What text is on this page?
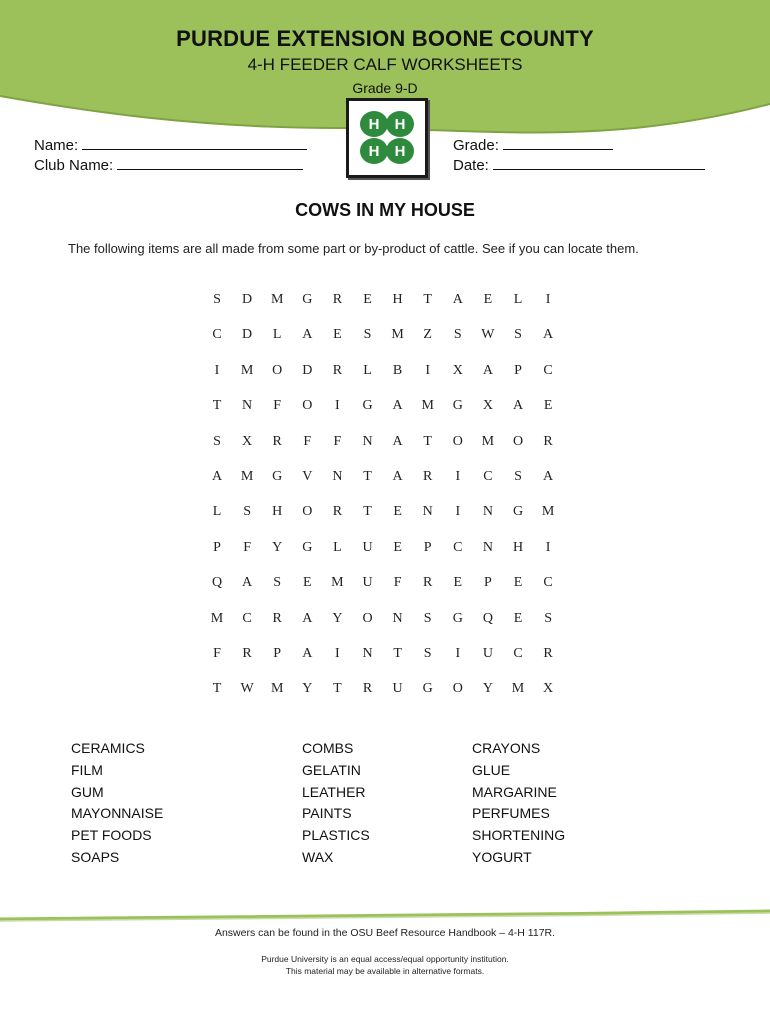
PURDUE EXTENSION BOONE COUNTY
4-H FEEDER CALF WORKSHEETS
Grade 9-D
H H
H H
Name:
Club Name:
Grade:
Date:
COWS IN MY HOUSE
The following items are all made from some part or by-product of cattle. See if you can locate them.
S	D	M	G	R	E	H	T	A	E	L	I
C	D	L	A	E	S	M	Z	S	W	S	A
I	M	O	D	R	L	B	I	X	A	P	C
T	N	F	O	I	G	A	M	G	X	A	E
S	X	R	F	F	N	A	T	O	M	O	R
A	M	G	V	N	T	A	R	I	C	S	A
L	S	H	O	R	T	E	N	I	N	G	M
P	F	Y	G	L	U	E	P	C	N	H	I
Q	A	S	E	M	U	F	R	E	P	E	C
M	C	R	A	Y	O	N	S	G	Q	E	S
F	R	P	A	I	N	T	S	I	U	C	R
T	W	M	Y	T	R	U	G	O	Y	M	X
CERAMICS
FILM
GUM
MAYONNAISE
PET FOODS
SOAPS
COMBS
GELATIN
LEATHER
PAINTS
PLASTICS
WAX
CRAYONS
GLUE
MARGARINE
PERFUMES
SHORTENING
YOGURT
Answers can be found in the OSU Beef Resource Handbook – 4-H 117R.
Purdue University is an equal access/equal opportunity institution.
This material may be available in alternative formats.
